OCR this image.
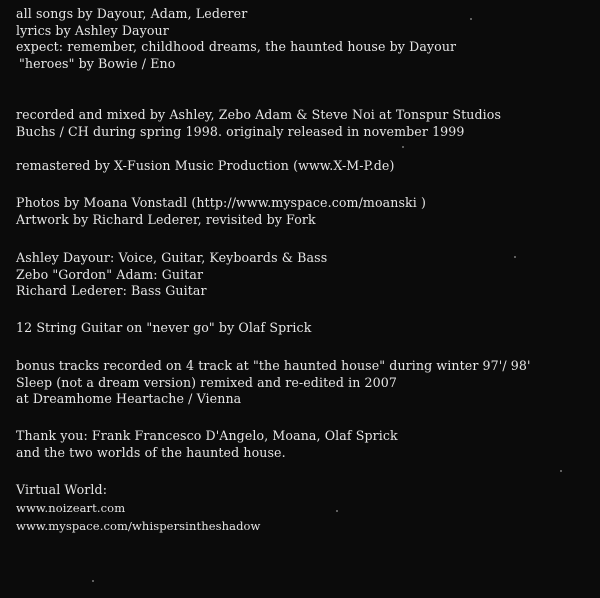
all songs by Dayour, Adam, Lederer
lyrics by Ashley Dayour
expect: remember, childhood dreams, the haunted house by Dayour
"heroes" by Bowie / Eno
recorded and mixed by Ashley, Zebo Adam & Steve Noi at Tonspur Studios
Buchs / CH during spring 1998. originaly released in november 1999
remastered by X-Fusion Music Production (www.X-M-P.de)
Photos by Moana Vonstadl (http://www.myspace.com/moanski )
Artwork by Richard Lederer, revisited by Fork
Ashley Dayour: Voice, Guitar, Keyboards & Bass
Zebo "Gordon" Adam: Guitar
Richard Lederer: Bass Guitar
12 String Guitar on "never go" by Olaf Sprick
bonus tracks recorded on 4 track at "the haunted house" during winter 97'/ 98'
Sleep (not a dream version) remixed and re-edited in 2007
at Dreamhome Heartache / Vienna
Thank you: Frank Francesco D'Angelo, Moana, Olaf Sprick
and the two worlds of the haunted house.
Virtual World:
www.noizeart.com
www.myspace.com/whispersintheshadow
